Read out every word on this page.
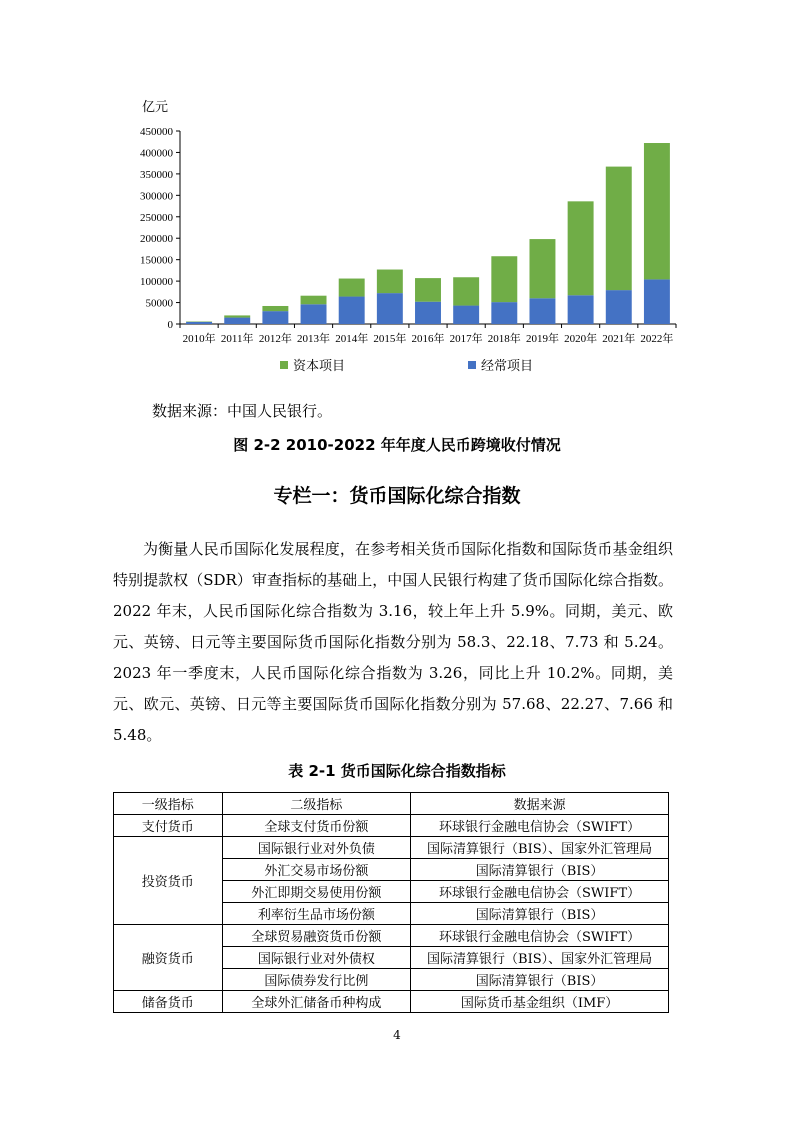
亿元
0
50000
100000
150000
200000
250000
300000
350000
400000
450000
2010年 2011年 2012年 2013年 2014年 2015年 2016年 2017年 2018年 2019年 2020年 2021年 2022年
资本项目	经常项目
数据来源：中国人民银行。
图 2-2 2010-2022 年年度人民币跨境收付情况
专栏一：货币国际化综合指数

为衡量人民币国际化发展程度，在参考相关货币国际化指数和国际货币基金组织特别提款权（SDR）审查指标的基础上，中国人民银行构建了货币国际化综合指数。2022 年末，人民币国际化综合指数为 3.16，较上年上升 5.9%。同期，美元、欧元、英镑、日元等主要国际货币国际化指数分别为 58.3、22.18、7.73 和 5.24。2023 年一季度末，人民币国际化综合指数为 3.26，同比上升 10.2%。同期，美元、欧元、英镑、日元等主要国际货币国际化指数分别为 57.68、22.27、7.66 和 5.48。

表 2-1 货币国际化综合指数指标
一级指标	二级指标	数据来源
支付货币	全球支付货币份额	环球银行金融电信协会（SWIFT）
投资货币	国际银行业对外负债	国际清算银行（BIS）、国家外汇管理局
	外汇交易市场份额	国际清算银行（BIS）
	外汇即期交易使用份额	环球银行金融电信协会（SWIFT）
	利率衍生品市场份额	国际清算银行（BIS）
融资货币	全球贸易融资货币份额	环球银行金融电信协会（SWIFT）
	国际银行业对外债权	国际清算银行（BIS）、国家外汇管理局
	国际债券发行比例	国际清算银行（BIS）
储备货币	全球外汇储备币种构成	国际货币基金组织（IMF）
4
